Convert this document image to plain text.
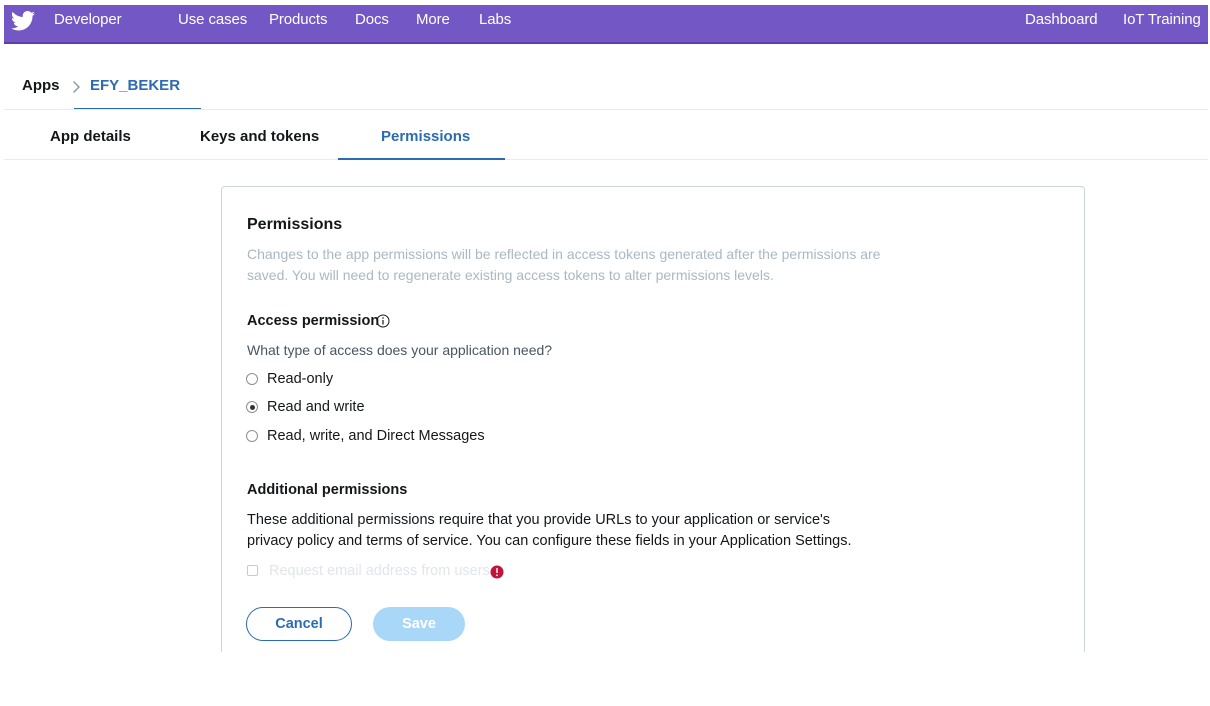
Developer	Use cases Products Docs More Labs	Dashboard IoT Training
Apps EFY_BEKER
App details	Keys and tokens	Permissions
Permissions
Changes to the app permissions will be reflected in access tokens generated after the permissions are saved. You will need to regenerate existing access tokens to alter permissions levels.
Access permission
What type of access does your application need?
Read-only
Read and write
Read, write, and Direct Messages
Additional permissions
These additional permissions require that you provide URLs to your application or service's privacy policy and terms of service. You can configure these fields in your Application Settings.
Request email address from users
Cancel	Save
